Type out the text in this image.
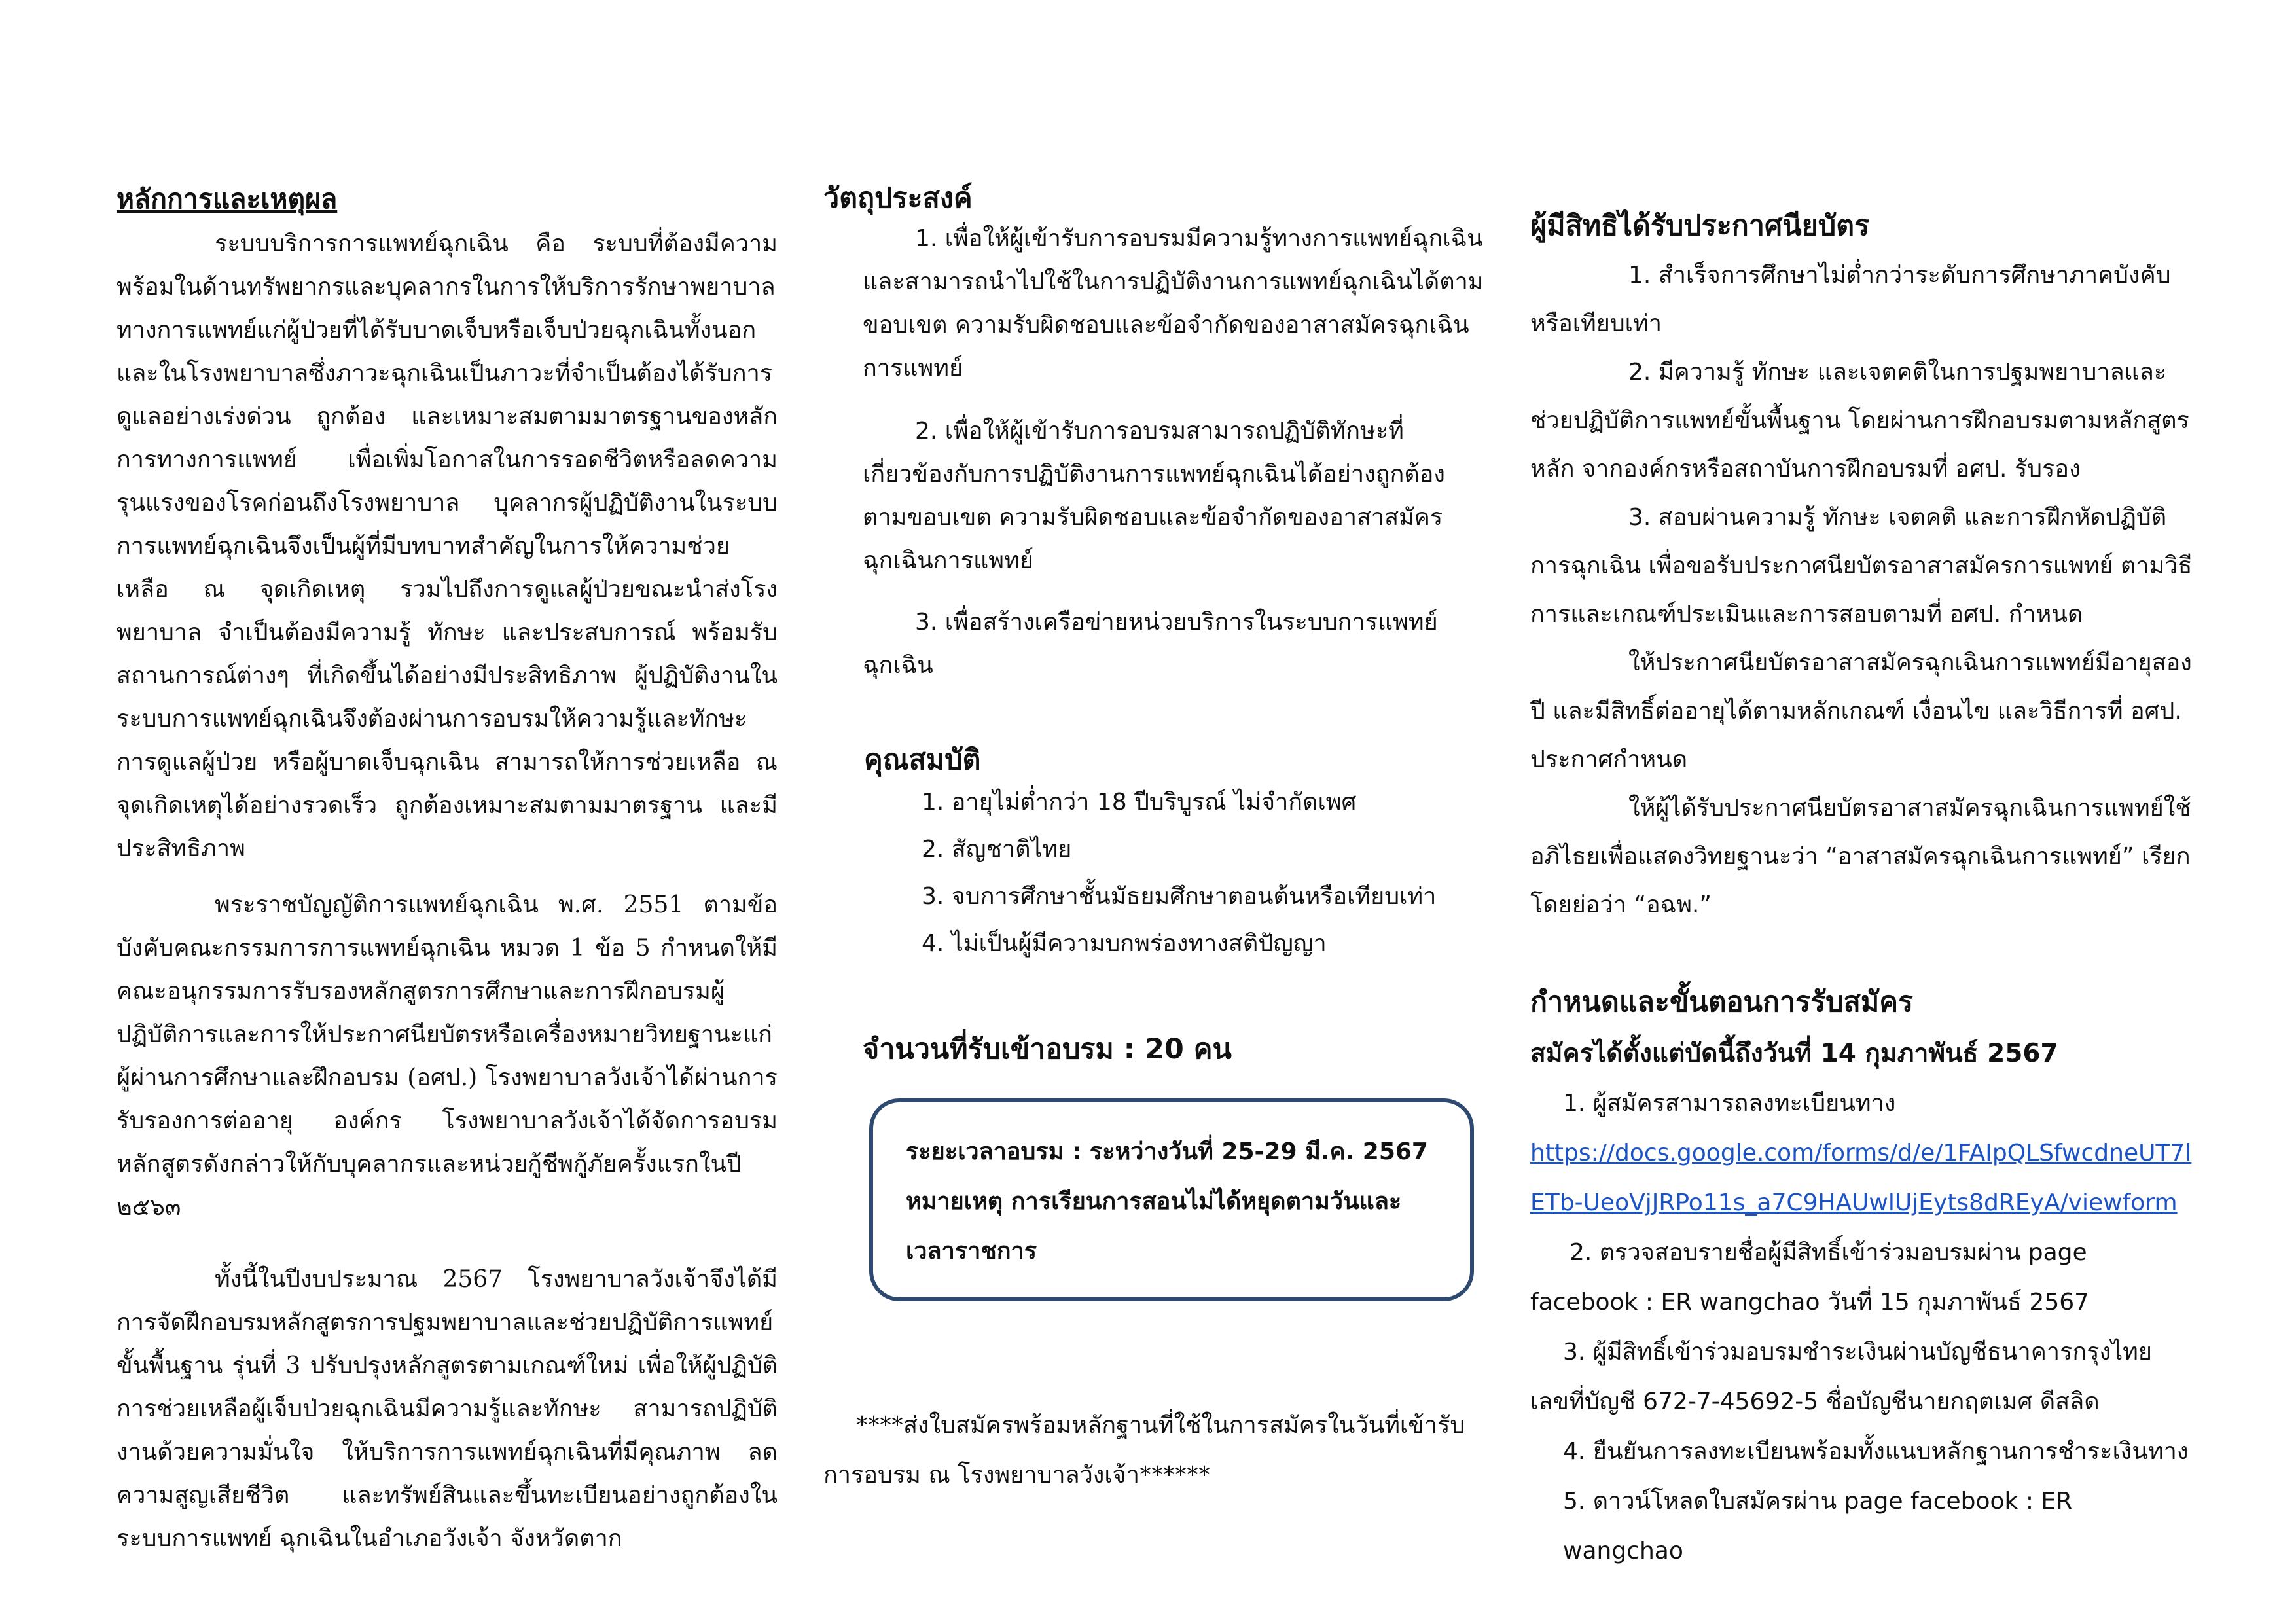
หลักการและเหตุผล

ระบบบริการการแพทย์ฉุกเฉิน คือ ระบบที่ต้องมีความพร้อมในด้านทรัพยากรและบุคลากรในการให้บริการรักษาพยาบาลทางการแพทย์แก่ผู้ป่วยที่ได้รับบาดเจ็บหรือเจ็บป่วยฉุกเฉินทั้งนอกและในโรงพยาบาลซึ่งภาวะฉุกเฉินเป็นภาวะที่จำเป็นต้องได้รับการดูแลอย่างเร่งด่วน ถูกต้อง และเหมาะสมตามมาตรฐานของหลักการทางการแพทย์ เพื่อเพิ่มโอกาสในการรอดชีวิตหรือลดความรุนแรงของโรคก่อนถึงโรงพยาบาล บุคลากรผู้ปฏิบัติงานในระบบการแพทย์ฉุกเฉินจึงเป็นผู้ที่มีบทบาทสำคัญในการให้ความช่วยเหลือ ณ จุดเกิดเหตุ รวมไปถึงการดูแลผู้ป่วยขณะนำส่งโรงพยาบาล จำเป็นต้องมีความรู้ ทักษะ และประสบการณ์ พร้อมรับสถานการณ์ต่างๆ ที่เกิดขึ้นได้อย่างมีประสิทธิภาพ ผู้ปฏิบัติงานในระบบการแพทย์ฉุกเฉินจึงต้องผ่านการอบรมให้ความรู้และทักษะการดูแลผู้ป่วย หรือผู้บาดเจ็บฉุกเฉิน สามารถให้การช่วยเหลือ ณ จุดเกิดเหตุได้อย่างรวดเร็ว ถูกต้องเหมาะสมตามมาตรฐาน และมีประสิทธิภาพ

พระราชบัญญัติการแพทย์ฉุกเฉิน พ.ศ. 2551 ตามข้อบังคับคณะกรรมการการแพทย์ฉุกเฉิน หมวด 1 ข้อ 5 กำหนดให้มีคณะอนุกรรมการรับรองหลักสูตรการศึกษาและการฝึกอบรมผู้ปฏิบัติการและการให้ประกาศนียบัตรหรือเครื่องหมายวิทยฐานะแก่ผู้ผ่านการศึกษาและฝึกอบรม (อศป.) โรงพยาบาลวังเจ้าได้ผ่านการรับรองการต่ออายุ องค์กร โรงพยาบาลวังเจ้าได้จัดการอบรมหลักสูตรดังกล่าวให้กับบุคลากรและหน่วยกู้ชีพกู้ภัยครั้งแรกในปี ๒๕๖๓

ทั้งนี้ในปีงบประมาณ 2567 โรงพยาบาลวังเจ้าจึงได้มีการจัดฝึกอบรมหลักสูตรการปฐมพยาบาลและช่วยปฏิบัติการแพทย์ขั้นพื้นฐาน รุ่นที่ 3 ปรับปรุงหลักสูตรตามเกณฑ์ใหม่ เพื่อให้ผู้ปฏิบัติการช่วยเหลือผู้เจ็บป่วยฉุกเฉินมีความรู้และทักษะ สามารถปฏิบัติงานด้วยความมั่นใจ ให้บริการการแพทย์ฉุกเฉินที่มีคุณภาพ ลดความสูญเสียชีวิต และทรัพย์สินและขึ้นทะเบียนอย่างถูกต้องในระบบการแพทย์ ฉุกเฉินในอำเภอวังเจ้า จังหวัดตาก

วัตถุประสงค์

1. เพื่อให้ผู้เข้ารับการอบรมมีความรู้ทางการแพทย์ฉุกเฉิน และสามารถนำไปใช้ในการปฏิบัติงานการแพทย์ฉุกเฉินได้ตามขอบเขต ความรับผิดชอบและข้อจำกัดของอาสาสมัครฉุกเฉินการแพทย์

2. เพื่อให้ผู้เข้ารับการอบรมสามารถปฏิบัติทักษะที่เกี่ยวข้องกับการปฏิบัติงานการแพทย์ฉุกเฉินได้อย่างถูกต้องตามขอบเขต ความรับผิดชอบและข้อจำกัดของอาสาสมัครฉุกเฉินการแพทย์

3. เพื่อสร้างเครือข่ายหน่วยบริการในระบบการแพทย์ฉุกเฉิน

คุณสมบัติ
1. อายุไม่ต่ำกว่า 18 ปีบริบูรณ์ ไม่จำกัดเพศ
2. สัญชาติไทย
3. จบการศึกษาชั้นมัธยมศึกษาตอนต้นหรือเทียบเท่า
4. ไม่เป็นผู้มีความบกพร่องทางสติปัญญา
จำนวนที่รับเข้าอบรม : 20 คน
ระยะเวลาอบรม : ระหว่างวันที่ 25-29 มี.ค. 2567
หมายเหตุ การเรียนการสอนไม่ได้หยุดตามวันและ
เวลาราชการ

****ส่งใบสมัครพร้อมหลักฐานที่ใช้ในการสมัครในวันที่เข้ารับการอบรม ณ โรงพยาบาลวังเจ้า******

ผู้มีสิทธิได้รับประกาศนียบัตร

1. สำเร็จการศึกษาไม่ต่ำกว่าระดับการศึกษาภาคบังคับหรือเทียบเท่า

2. มีความรู้ ทักษะ และเจตคติในการปฐมพยาบาลและช่วยปฏิบัติการแพทย์ขั้นพื้นฐาน โดยผ่านการฝึกอบรมตามหลักสูตรหลัก จากองค์กรหรือสถาบันการฝึกอบรมที่ อศป. รับรอง

3. สอบผ่านความรู้ ทักษะ เจตคติ และการฝึกหัดปฏิบัติการฉุกเฉิน เพื่อขอรับประกาศนียบัตรอาสาสมัครการแพทย์ ตามวิธีการและเกณฑ์ประเมินและการสอบตามที่ อศป. กำหนด

ให้ประกาศนียบัตรอาสาสมัครฉุกเฉินการแพทย์มีอายุสองปี และมีสิทธิ์ต่ออายุได้ตามหลักเกณฑ์ เงื่อนไข และวิธีการที่ อศป. ประกาศกำหนด

ให้ผู้ได้รับประกาศนียบัตรอาสาสมัครฉุกเฉินการแพทย์ใช้อภิไธยเพื่อแสดงวิทยฐานะว่า “อาสาสมัครฉุกเฉินการแพทย์” เรียกโดยย่อว่า “อฉพ.”

กำหนดและขั้นตอนการรับสมัคร
สมัครได้ตั้งแต่บัดนี้ถึงวันที่ 14 กุมภาพันธ์ 2567

1. ผู้สมัครสามารถลงทะเบียนทาง

https://docs.google.com/forms/d/e/1FAIpQLSfwcdneUT7lETb-UeoVjJRPo11s_a7C9HAUwlUjEyts8dREyA/viewform

2. ตรวจสอบรายชื่อผู้มีสิทธิ์เข้าร่วมอบรมผ่าน page facebook : ER wangchao วันที่ 15 กุมภาพันธ์ 2567

3. ผู้มีสิทธิ์เข้าร่วมอบรมชำระเงินผ่านบัญชีธนาคารกรุงไทย เลขที่บัญชี 672-7-45692-5 ชื่อบัญชีนายกฤตเมศ ดีสลิด

4. ยืนยันการลงทะเบียนพร้อมทั้งแนบหลักฐานการชำระเงินทาง

5. ดาวน์โหลดใบสมัครผ่าน page facebook : ER wangchao
